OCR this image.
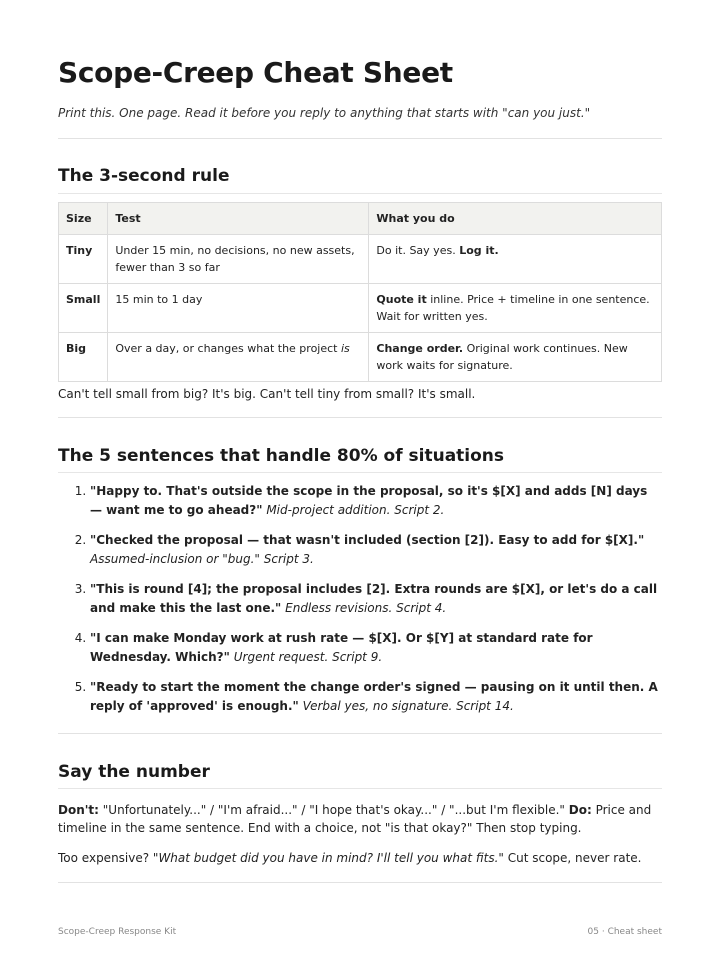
Scope-Creep Cheat Sheet

Print this. One page. Read it before you reply to anything that starts with "can you just."

The 3-second rule
Size	Test	What you do
Tiny	Under 15 min, no decisions, no new assets, fewer than 3 so far	Do it. Say yes. Log it.
Small	15 min to 1 day	Quote it inline. Price + timeline in one sentence. Wait for written yes.
Big	Over a day, or changes what the project is	Change order. Original work continues. New work waits for signature.

Can't tell small from big? It's big. Can't tell tiny from small? It's small.

The 5 sentences that handle 80% of situations
1. "Happy to. That's outside the scope in the proposal, so it's $[X] and adds [N] days — want me to go ahead?" Mid-project addition. Script 2.
2. "Checked the proposal — that wasn't included (section [2]). Easy to add for $[X]." Assumed-inclusion or "bug." Script 3.
3. "This is round [4]; the proposal includes [2]. Extra rounds are $[X], or let's do a call and make this the last one." Endless revisions. Script 4.
4. "I can make Monday work at rush rate — $[X]. Or $[Y] at standard rate for Wednesday. Which?" Urgent request. Script 9.
5. "Ready to start the moment the change order's signed — pausing on it until then. A reply of 'approved' is enough." Verbal yes, no signature. Script 14.
Say the number

Don't: "Unfortunately..." / "I'm afraid..." / "I hope that's okay..." / "...but I'm flexible." Do: Price and timeline in the same sentence. End with a choice, not "is that okay?" Then stop typing.

Too expensive? "What budget did you have in mind? I'll tell you what fits." Cut scope, never rate.

Scope-Creep Response Kit	05 · Cheat sheet
